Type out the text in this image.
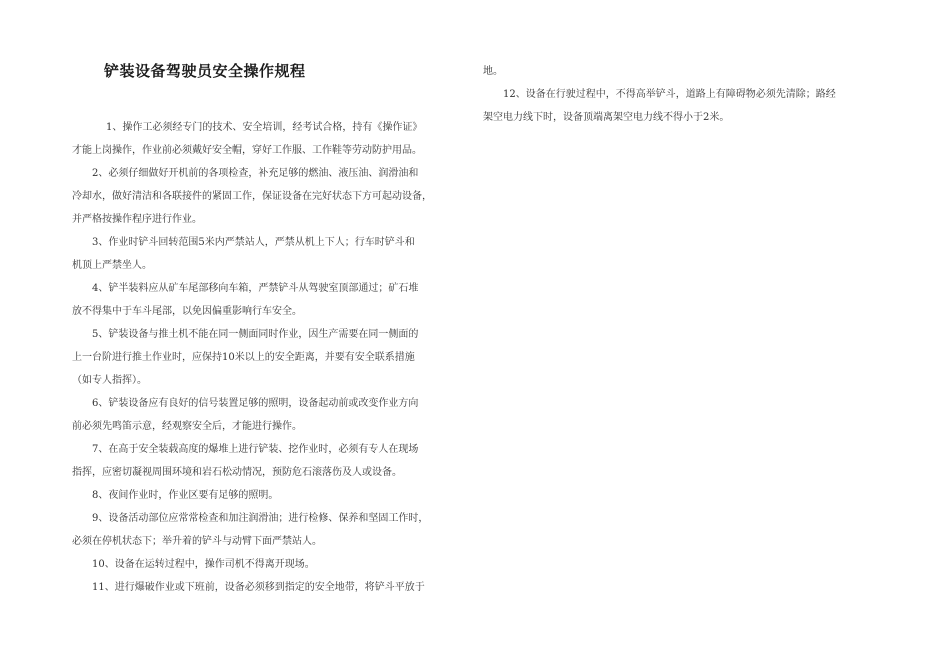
铲装设备驾驶员安全操作规程

1、操作工必须经专门的技术、安全培训，经考试合格，持有《操作证》
才能上岗操作，作业前必须戴好安全帽，穿好工作服、工作鞋等劳动防护用品。

2、必须仔细做好开机前的各项检查，补充足够的燃油、液压油、润滑油和
冷却水，做好清洁和各联接件的紧固工作，保证设备在完好状态下方可起动设备，
并严格按操作程序进行作业。

3、作业时铲斗回转范围5米内严禁站人，严禁从机上下人；行车时铲斗和
机顶上严禁坐人。

4、铲半装料应从矿车尾部移向车箱，严禁铲斗从驾驶室顶部通过；矿石堆
放不得集中于车斗尾部，以免因偏重影响行车安全。

5、铲装设备与推土机不能在同一侧面同时作业，因生产需要在同一侧面的
上一台阶进行推土作业时，应保持10米以上的安全距离，并要有安全联系措施
（如专人指挥）。

6、铲装设备应有良好的信号装置足够的照明，设备起动前或改变作业方向
前必须先鸣笛示意，经观察安全后，才能进行操作。

7、在高于安全装载高度的爆堆上进行铲装、挖作业时，必须有专人在现场
指挥，应密切凝视周围环境和岩石松动情况，预防危石滚落伤及人或设备。

8、夜间作业时，作业区要有足够的照明。

9、设备活动部位应常常检查和加注润滑油；进行检修、保养和坚固工作时，
必须在停机状态下；举升着的铲斗与动臂下面严禁站人。

10、设备在运转过程中，操作司机不得离开现场。

11、进行爆破作业或下班前，设备必须移到指定的安全地带，将铲斗平放于

地。

12、设备在行驶过程中，不得高举铲斗，道路上有障碍物必须先清除；路经
架空电力线下时，设备顶端离架空电力线不得小于2米。
